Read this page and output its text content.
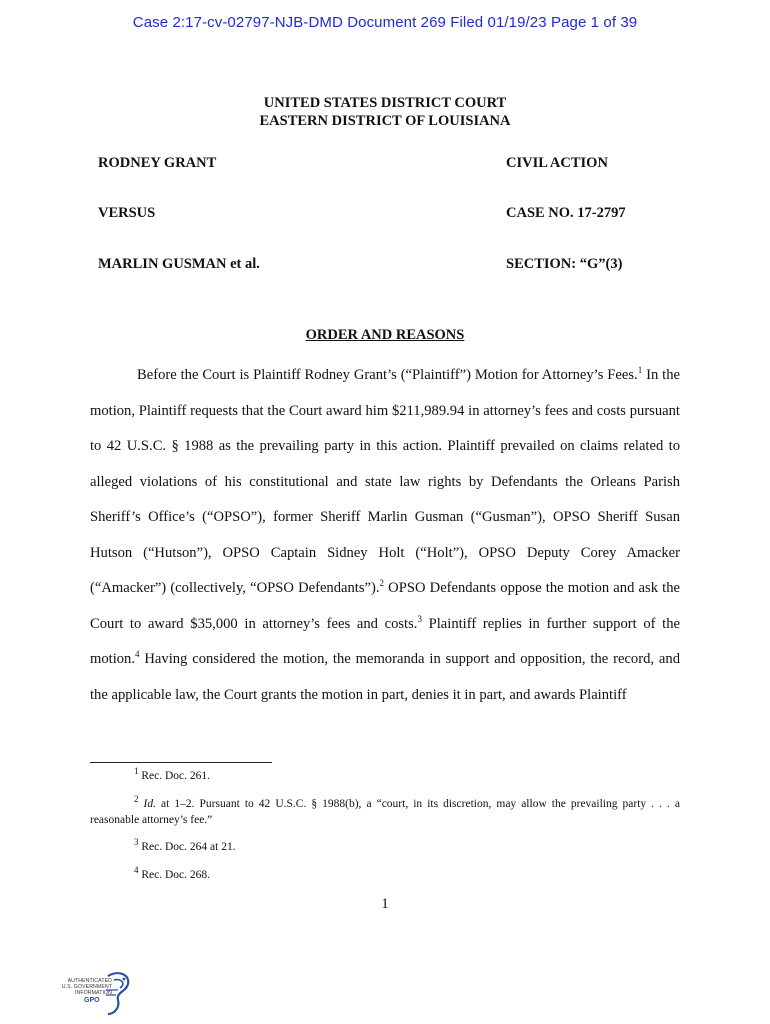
Case 2:17-cv-02797-NJB-DMD Document 269 Filed 01/19/23 Page 1 of 39
UNITED STATES DISTRICT COURT
EASTERN DISTRICT OF LOUISIANA
RODNEY GRANT	CIVIL ACTION
VERSUS	CASE NO. 17-2797
MARLIN GUSMAN et al.	SECTION: “G”(3)
ORDER AND REASONS

Before the Court is Plaintiff Rodney Grant’s (“Plaintiff”) Motion for Attorney’s Fees.$^1$ In the motion, Plaintiff requests that the Court award him $211,989.94 in attorney’s fees and costs pursuant to 42 U.S.C. § 1988 as the prevailing party in this action. Plaintiff prevailed on claims related to alleged violations of his constitutional and state law rights by Defendants the Orleans Parish Sheriff’s Office’s (“OPSO”), former Sheriff Marlin Gusman (“Gusman”), OPSO Sheriff Susan Hutson (“Hutson”), OPSO Captain Sidney Holt (“Holt”), OPSO Deputy Corey Amacker (“Amacker”) (collectively, “OPSO Defendants”).$^2$ OPSO Defendants oppose the motion and ask the Court to award $35,000 in attorney’s fees and costs.$^3$ Plaintiff replies in further support of the motion.$^4$ Having considered the motion, the memoranda in support and opposition, the record, and the applicable law, the Court grants the motion in part, denies it in part, and awards Plaintiff

$^1$ Rec. Doc. 261.

$^2$ Id. at 1–2. Pursuant to 42 U.S.C. § 1988(b), a “court, in its discretion, may allow the prevailing party . . . a reasonable attorney’s fee.”

$^3$ Rec. Doc. 264 at 21.

$^4$ Rec. Doc. 268.

1
AUTHENTICATED
U.S. GOVERNMENT
INFORMATION
GPO
